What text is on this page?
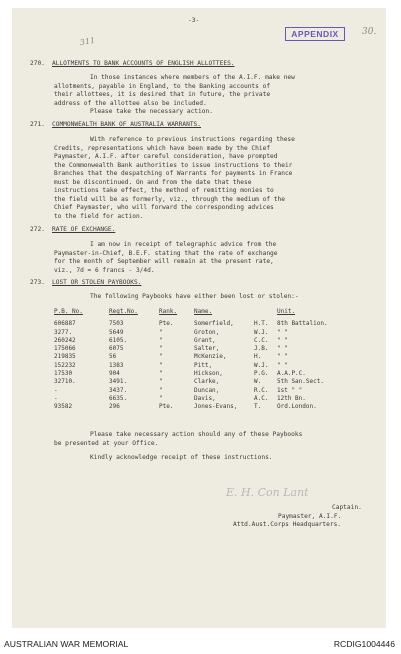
-3-
APPENDIX	30.
311
270. ALLOTMENTS TO BANK ACCOUNTS OF ENGLISH ALLOTTEES.
In those instances where members of the A.I.F. make new
allotments, payable in England, to the Banking accounts of
their allottees, it is desired that in future, the private
address of the allottee also be included.
Please take the necessary action.
271. COMMONWEALTH BANK OF AUSTRALIA WARRANTS.
With reference to previous instructions regarding these
Credits, representations which have been made by the Chief
Paymaster, A.I.F. after careful consideration, have prompted
the Commonwealth Bank authorities to issue instructions to their
Branches that the despatching of Warrants for payments in France
must be discontinued. On and from the date that these
instructions take effect, the method of remitting monies to
the field will be as formerly, viz., through the medium of the
Chief Paymaster, who will forward the corresponding advices
to the field for action.
272. RATE OF EXCHANGE.
I am now in receipt of telegraphic advice from the
Paymaster-in-Chief, B.E.F. stating that the rate of exchange
for the month of September will remain at the present rate,
viz., 7d = 6 francs - 3/4d.
273. LOST OR STOLEN PAYBOOKS.
The following Paybooks have either been lost or stolen:-
P.B. No.	Regt.No.	Rank.	Name.	Unit.
606887	7503	Pte.	Somerfield,	H.T. 8th Battalion.
3277.	5649	"	Groton,	W.J. " "
260242	6105.	"	Grant,	C.C. " "
175066	6075	"	Salter,	J.B. " "
219835	56	"	McKenzie,	H.	" "
152232	1383	"	Pitt,	W.J. " "
17530	904	"	Hickson,	P.G. A.A.P.C.
32710.	3491.	"	Clarke,	W.	5th San.Sect.
-	3437.	"	Duncan,	R.C. 1st " "
-	6635.	"	Davis,	A.C. 12th Bn.
93582	296	Pte.	Jones-Evans,	T.	Ord.London.
Please take necessary action should any of these Paybooks
be presented at your Office.
Kindly acknowledge receipt of these instructions.
E. H. Con Lant
Captain.
Paymaster, A.I.F.
Attd.Aust.Corps Headquarters.
AUSTRALIAN WAR MEMORIAL	RCDIG1004446
